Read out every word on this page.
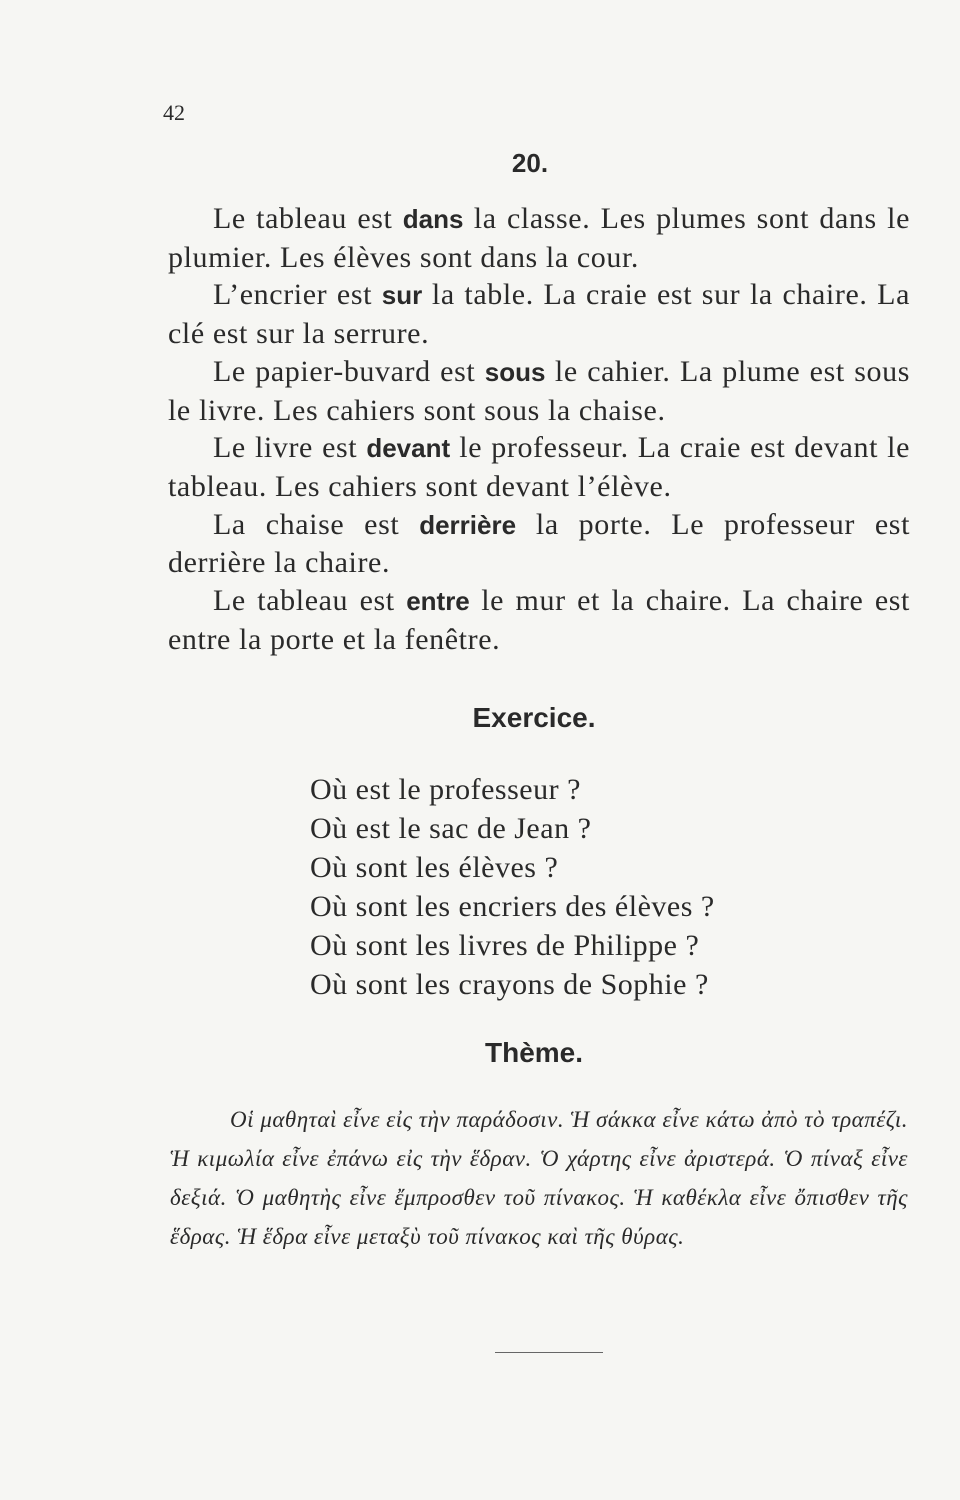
42
20.

Le tableau est dans la classe. Les plumes sont dans le plumier. Les élèves sont dans la cour.

L’encrier est sur la table. La craie est sur la chaire. La clé est sur la serrure.

Le papier-buvard est sous le cahier. La plume est sous le livre. Les cahiers sont sous la chaise.

Le livre est devant le professeur. La craie est devant le tableau. Les cahiers sont devant l’élève.

La chaise est derrière la porte. Le professeur est derrière la chaire.

Le tableau est entre le mur et la chaire. La chaire est entre la porte et la fenêtre.

Exercice.
Où est le professeur ?
Où est le sac de Jean ?
Où sont les élèves ?
Où sont les encriers des élèves ?
Où sont les livres de Philippe ?
Où sont les crayons de Sophie ?
Thème.

Οἱ μαθηταὶ εἶνε εἰς τὴν παράδοσιν. Ἡ σάκκα εἶνε κάτω ἀπὸ τὸ τραπέζι. Ἡ κιμωλία εἶνε ἐπάνω εἰς τὴν ἕδραν. Ὁ χάρτης εἶνε ἀριστερά. Ὁ πίναξ εἶνε δεξιά. Ὁ μαθητὴς εἶνε ἔμπροσθεν τοῦ πίνακος. Ἡ καθέκλα εἶνε ὄπισθεν τῆς ἕδρας. Ἡ ἕδρα εἶνε μεταξὺ τοῦ πίνακος καὶ τῆς θύρας.
